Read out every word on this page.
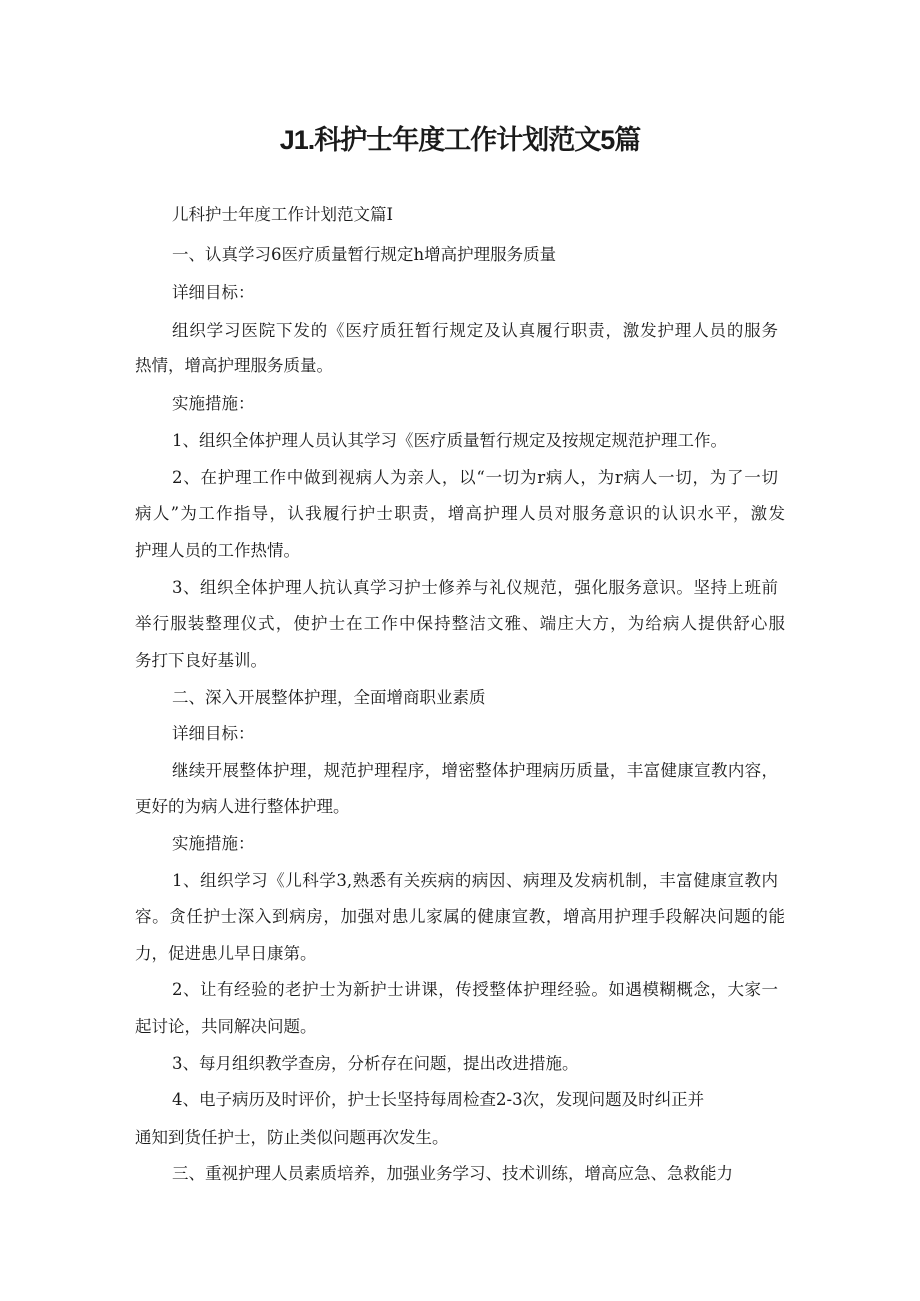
J1.科护士年度工作计划范文5篇
儿科护士年度工作计划范文篇I
一、认真学习6医疗质量暂行规定h增高护理服务质量
详细目标：
组织学习医院下发的《医疗质狂暂行规定及认真履行职责，激发护理人员的服务
热情，增高护理服务质量。
实施措施：
1、组织全体护理人员认其学习《医疗质量暂行规定及按规定规范护理工作。
2、在护理工作中做到视病人为亲人，以“一切为r病人，为r病人一切，为了一切
病人”为工作指导，认我履行护士职责，增高护理人员对服务意识的认识水平，激发
护理人员的工作热情。
3、组织全体护理人抗认真学习护士修养与礼仪规范，强化服务意识。坚持上班前
举行服装整理仪式，使护士在工作中保持整洁文雅、端庄大方，为给病人提供舒心服
务打下良好基训。
二、深入开展整体护理，全面增商职业素质
详细目标：
继续开展整体护理，规范护理程序，增密整体护理病历质量，丰富健康宣教内容，
更好的为病人进行整体护理。
实施措施：
1、组织学习《儿科学3,熟悉有关疾病的病因、病理及发病机制，丰富健康宣教内
容。贪任护士深入到病房，加强对患儿家属的健康宣教，增高用护理手段解决问题的能
力，促进患儿早日康第。
2、让有经验的老护士为新护士讲课，传授整体护理经验。如遇模糊概念，大家一
起讨论，共同解决问题。
3、每月组织教学查房，分析存在问题，提出改进措施。
4、电子病历及时评价，护士长坚持每周检查2-3次，发现问题及时纠正并
通知到货任护士，防止类似问题再次发生。
三、重视护理人员素质培养，加强业务学习、技术训练，增高应急、急救能力
